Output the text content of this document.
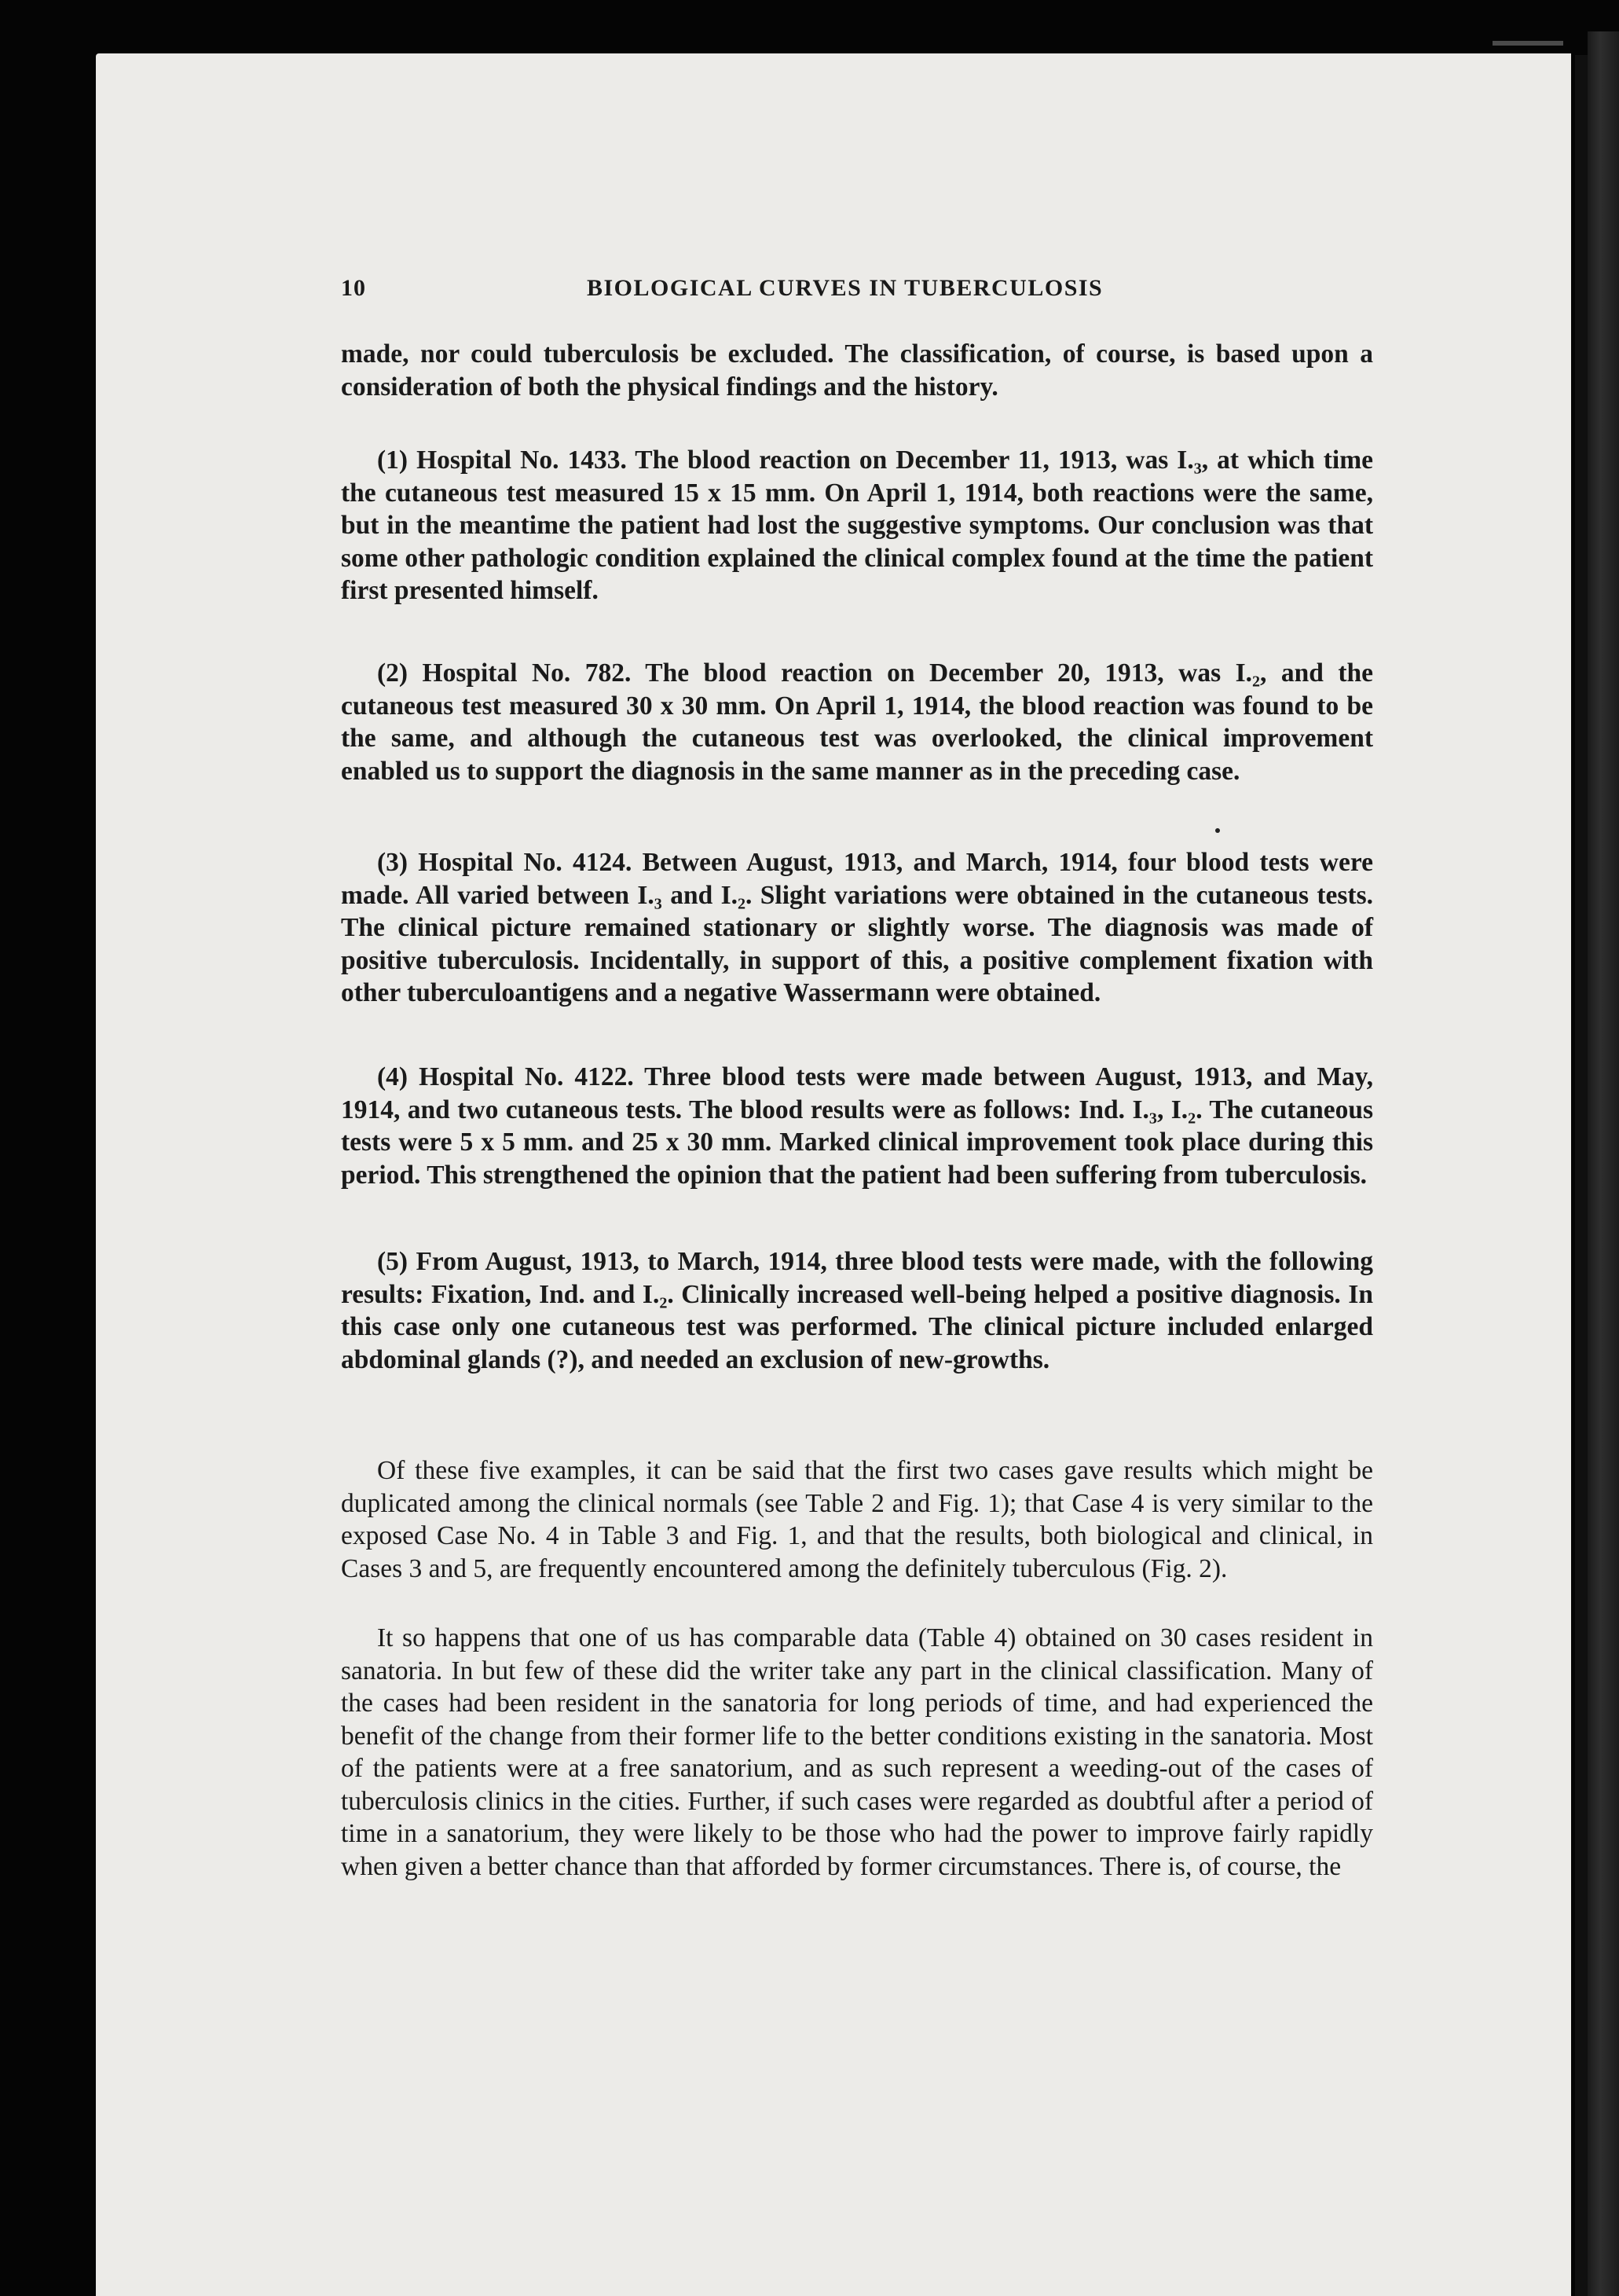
10	BIOLOGICAL CURVES IN TUBERCULOSIS

made, nor could tuberculosis be excluded. The classification, of course, is based upon a consideration of both the physical findings and the history.

(1) Hospital No. 1433. The blood reaction on December 11, 1913, was I.₃, at which time the cutaneous test measured 15 x 15 mm. On April 1, 1914, both reactions were the same, but in the meantime the patient had lost the suggestive symptoms. Our conclusion was that some other pathologic condition explained the clinical complex found at the time the patient first presented himself.

(2) Hospital No. 782. The blood reaction on December 20, 1913, was I.₂, and the cutaneous test measured 30 x 30 mm. On April 1, 1914, the blood reaction was found to be the same, and although the cutaneous test was overlooked, the clinical improvement enabled us to support the diagnosis in the same manner as in the preceding case.

(3) Hospital No. 4124. Between August, 1913, and March, 1914, four blood tests were made. All varied between I.₃ and I.₂. Slight variations were obtained in the cutaneous tests. The clinical picture remained stationary or slightly worse. The diagnosis was made of positive tuberculosis. Incidentally, in support of this, a positive complement fixation with other tuberculoantigens and a negative Wassermann were obtained.

(4) Hospital No. 4122. Three blood tests were made between August, 1913, and May, 1914, and two cutaneous tests. The blood results were as follows: Ind. I.₃, I.₂. The cutaneous tests were 5 x 5 mm. and 25 x 30 mm. Marked clinical improvement took place during this period. This strengthened the opinion that the patient had been suffering from tuberculosis.

(5) From August, 1913, to March, 1914, three blood tests were made, with the following results: Fixation, Ind. and I.₂. Clinically increased well-being helped a positive diagnosis. In this case only one cutaneous test was performed. The clinical picture included enlarged abdominal glands (?), and needed an exclusion of new-growths.

Of these five examples, it can be said that the first two cases gave results which might be duplicated among the clinical normals (see Table 2 and Fig. 1); that Case 4 is very similar to the exposed Case No. 4 in Table 3 and Fig. 1, and that the results, both biological and clinical, in Cases 3 and 5, are frequently encountered among the definitely tuberculous (Fig. 2).

It so happens that one of us has comparable data (Table 4) obtained on 30 cases resident in sanatoria. In but few of these did the writer take any part in the clinical classification. Many of the cases had been resident in the sanatoria for long periods of time, and had experienced the benefit of the change from their former life to the better conditions existing in the sanatoria. Most of the patients were at a free sanatorium, and as such represent a weeding-out of the cases of tuberculosis clinics in the cities. Further, if such cases were regarded as doubtful after a period of time in a sanatorium, they were likely to be those who had the power to improve fairly rapidly when given a better chance than that afforded by former circumstances. There is, of course, the
